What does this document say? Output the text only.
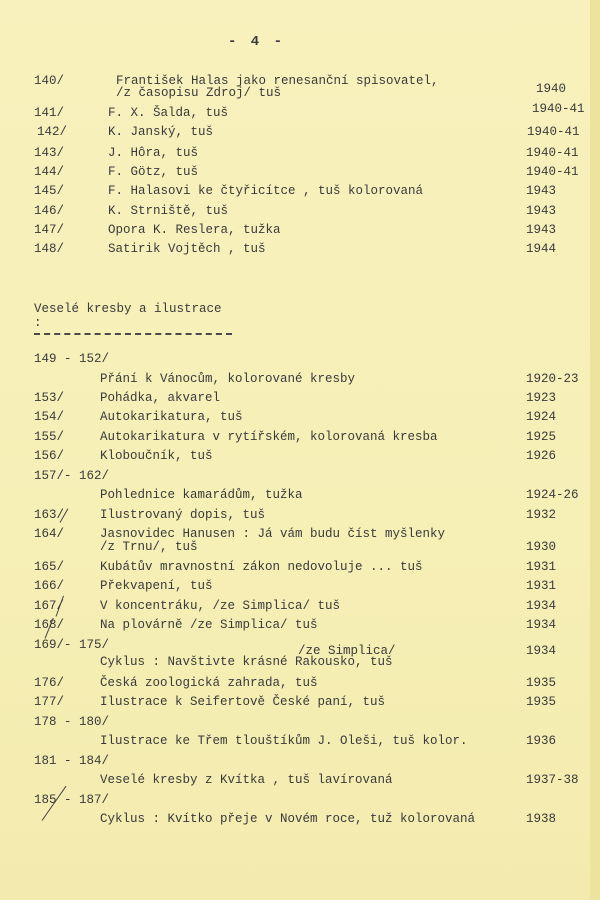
- 4 -
140/	František Halas jako renesanční spisovatel,
/z časopisu Zdroj/ tuš	1940
141/	F. X. Šalda, tuš	1940-41
142/	K. Janský, tuš	1940-41
143/	J. Hôra, tuš	1940-41
144/	F. Götz, tuš	1940-41
145/	F. Halasovi ke čtyřicítce , tuš kolorovaná	1943
146/	K. Strniště, tuš	1943
147/	Opora K. Reslera, tužka	1943
148/	Satirik Vojtěch , tuš	1944
Veselé kresby a ilustrace :
149 - 152/
Přání k Vánocům, kolorované kresby	1920-23
153/	Pohádka, akvarel	1923
154/	Autokarikatura, tuš	1924
155/	Autokarikatura v rytířském, kolorovaná kresba	1925
156/	Kloboučník, tuš	1926
157/- 162/
Pohlednice kamarádům, tužka	1924-26
163/	Ilustrovaný dopis, tuš	1932
164/	Jasnovidec Hanusen : Já vám budu číst myšlenky
/z Trnu/, tuš	1930
165/	Kubátův mravnostní zákon nedovoluje ... tuš	1931
166/	Překvapení, tuš	1931
167/	V koncentráku, /ze Simplica/ tuš	1934
168/	Na plovárně /ze Simplica/ tuš	1934
169/- 175/	/ze Simplica/	1934
Cyklus : Navštivte krásné Rakousko, tuš
176/	Česká zoologická zahrada, tuš	1935
177/	Ilustrace k Seifertově České paní, tuš	1935
178 - 180/
Ilustrace ke Třem tlouštíkům J. Oleši, tuš kolor.	1936
181 - 184/
Veselé kresby z Kvítka , tuš lavírovaná	1937-38
185 - 187/
Cyklus : Kvítko přeje v Novém roce, tuž kolorovaná	1938
